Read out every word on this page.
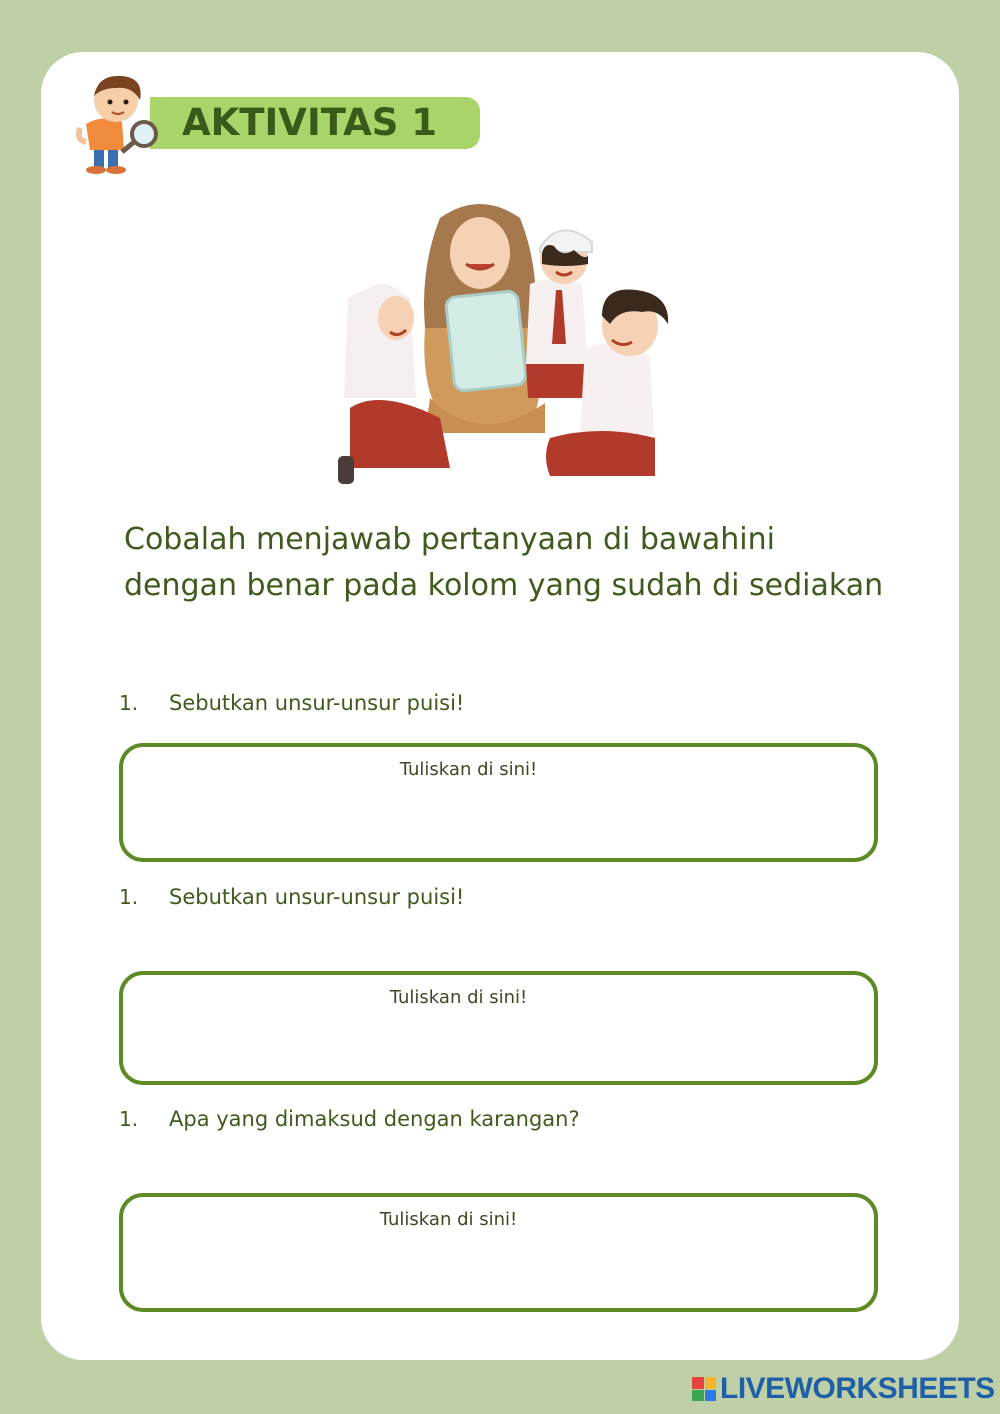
AKTIVITAS 1
Cobalah menjawab pertanyaan di bawahini dengan benar pada kolom yang sudah di sediakan
1. Sebutkan unsur-unsur puisi!
Tuliskan di sini!
1. Sebutkan unsur-unsur puisi!
Tuliskan di sini!
1. Apa yang dimaksud dengan karangan?
Tuliskan di sini!
LIVEWORKSHEETS
